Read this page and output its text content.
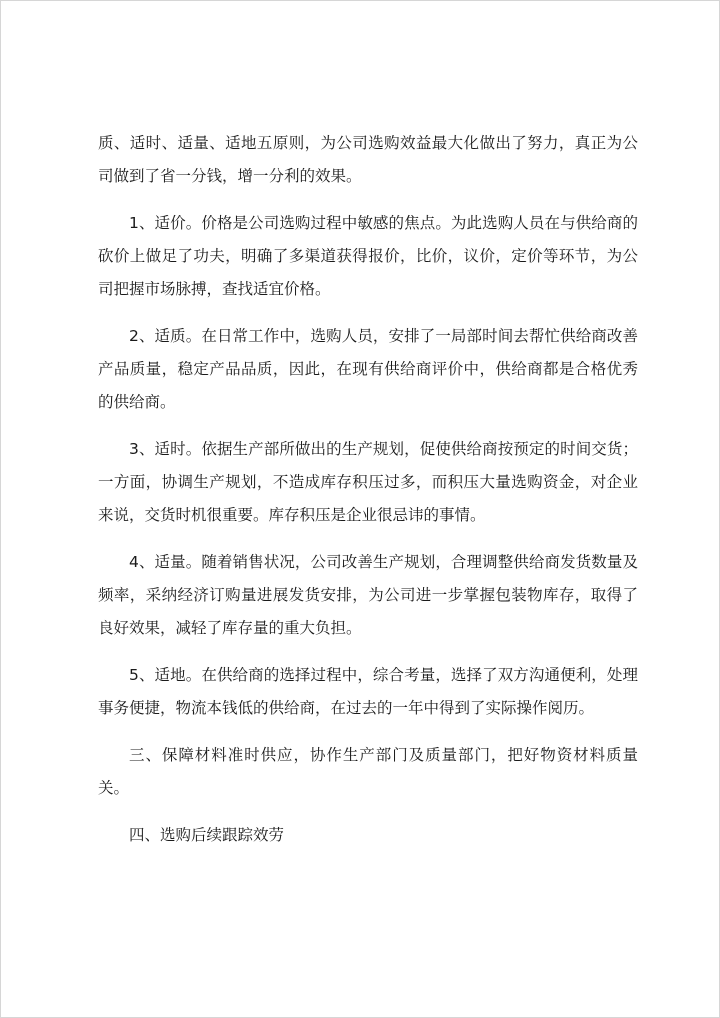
质、适时、适量、适地五原则，为公司选购效益最大化做出了努力，真正为公司做到了省一分钱，增一分利的效果。

1、适价。价格是公司选购过程中敏感的焦点。为此选购人员在与供给商的砍价上做足了功夫，明确了多渠道获得报价，比价，议价，定价等环节，为公司把握市场脉搏，查找适宜价格。

2、适质。在日常工作中，选购人员，安排了一局部时间去帮忙供给商改善产品质量，稳定产品品质，因此，在现有供给商评价中，供给商都是合格优秀的供给商。

3、适时。依据生产部所做出的生产规划，促使供给商按预定的时间交货；一方面，协调生产规划，不造成库存积压过多，而积压大量选购资金，对企业来说，交货时机很重要。库存积压是企业很忌讳的事情。

4、适量。随着销售状况，公司改善生产规划，合理调整供给商发货数量及频率，采纳经济订购量进展发货安排，为公司进一步掌握包装物库存，取得了良好效果，减轻了库存量的重大负担。

5、适地。在供给商的选择过程中，综合考量，选择了双方沟通便利，处理事务便捷，物流本钱低的供给商，在过去的一年中得到了实际操作阅历。

三、保障材料准时供应，协作生产部门及质量部门，把好物资材料质量关。

四、选购后续跟踪效劳
